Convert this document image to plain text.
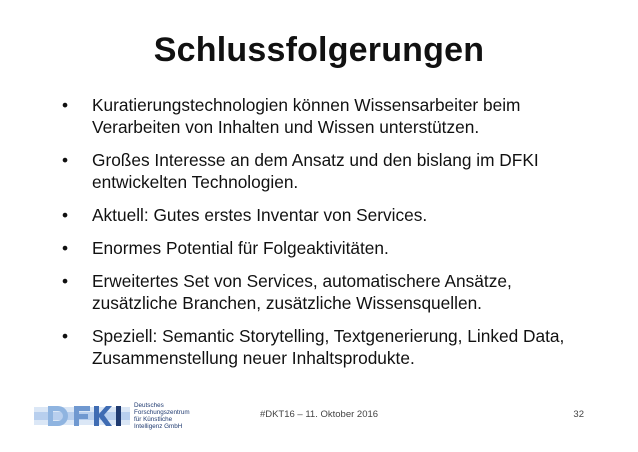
Schlussfolgerungen
•	Kuratierungstechnologien können Wissensarbeiter beim Verarbeiten von Inhalten und Wissen unterstützen.
•	Großes Interesse an dem Ansatz und den bislang im DFKI entwickelten Technologien.
•	Aktuell: Gutes erstes Inventar von Services.
•	Enormes Potential für Folgeaktivitäten.
•	Erweitertes Set von Services, automatischere Ansätze, zusätzliche Branchen, zusätzliche Wissensquellen.
•	Speziell: Semantic Storytelling, Textgenerierung, Linked Data, Zusammenstellung neuer Inhaltsprodukte.
Deutsches
Forschungszentrum
für Künstliche
Intelligenz GmbH
#DKT16 – 11. Oktober 2016	32
